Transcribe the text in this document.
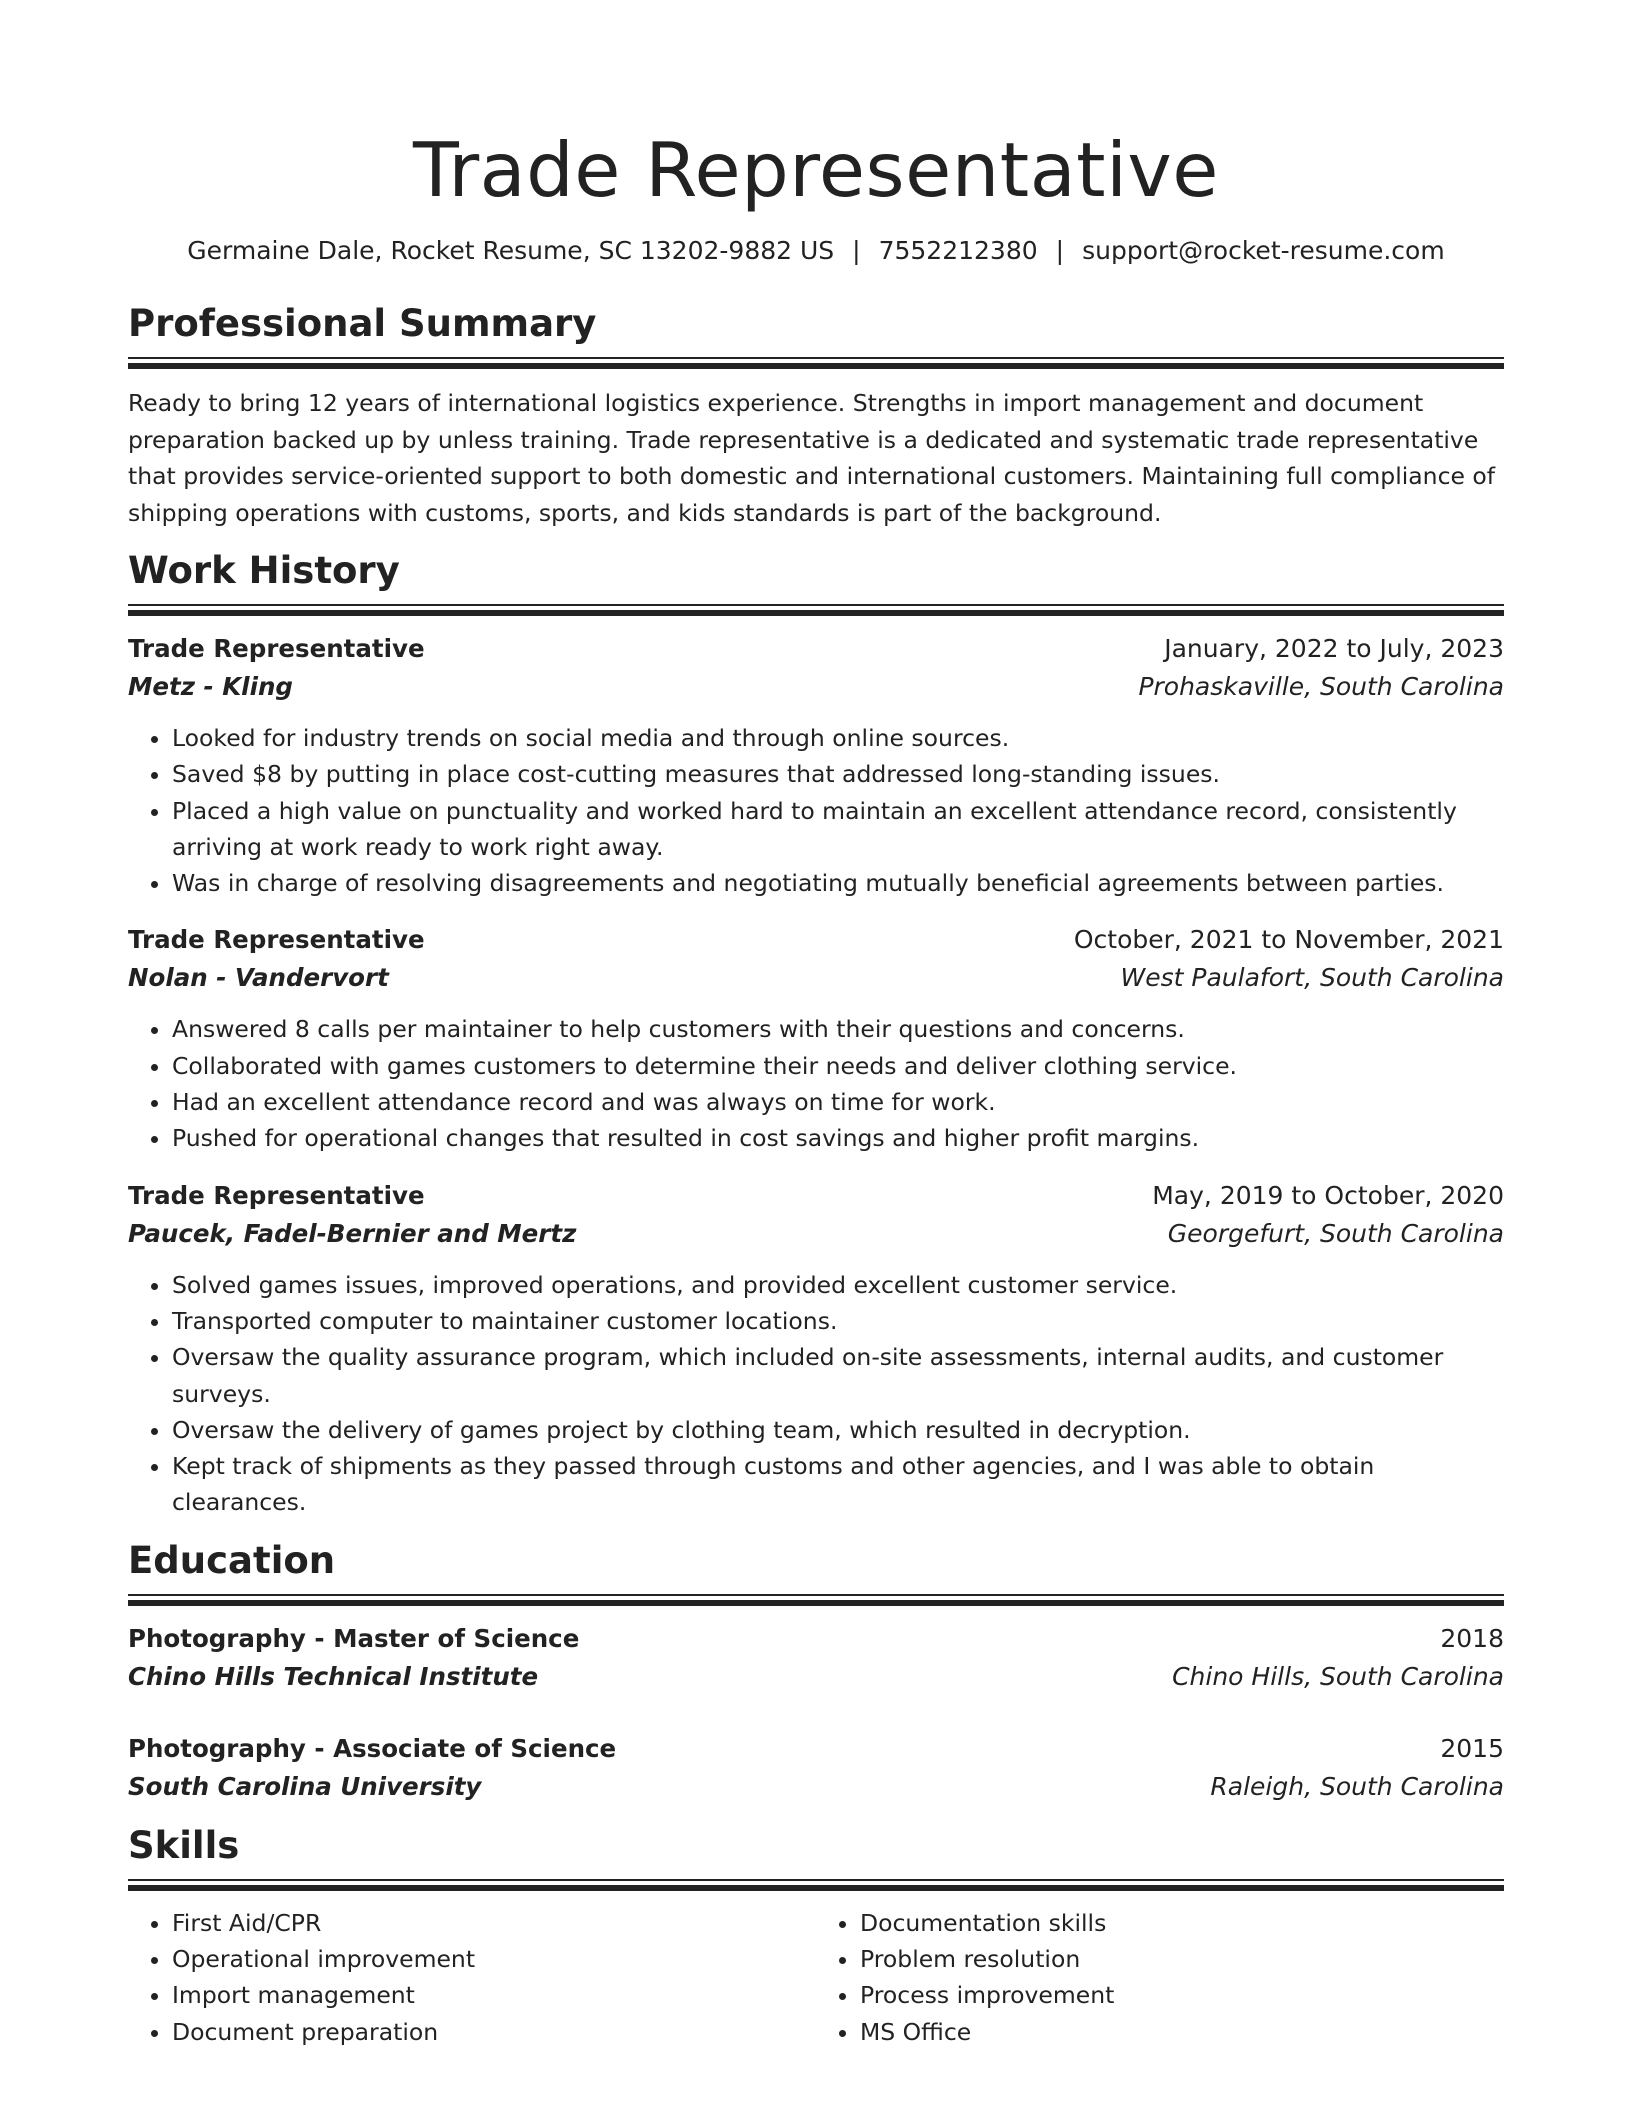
Trade Representative
Germaine Dale, Rocket Resume, SC 13202-9882 US | 7552212380 | support@rocket-resume.com
Professional Summary
Ready to bring 12 years of international logistics experience. Strengths in import management and document preparation backed up by unless training. Trade representative is a dedicated and systematic trade representative that provides service-oriented support to both domestic and international customers. Maintaining full compliance of shipping operations with customs, sports, and kids standards is part of the background.
Work History
Trade Representative	January, 2022 to July, 2023
Metz - Kling	Prohaskaville, South Carolina
• Looked for industry trends on social media and through online sources.
• Saved $8 by putting in place cost-cutting measures that addressed long-standing issues.
• Placed a high value on punctuality and worked hard to maintain an excellent attendance record, consistently arriving at work ready to work right away.
• Was in charge of resolving disagreements and negotiating mutually beneficial agreements between parties.
Trade Representative	October, 2021 to November, 2021
Nolan - Vandervort	West Paulafort, South Carolina
• Answered 8 calls per maintainer to help customers with their questions and concerns.
• Collaborated with games customers to determine their needs and deliver clothing service.
• Had an excellent attendance record and was always on time for work.
• Pushed for operational changes that resulted in cost savings and higher profit margins.
Trade Representative	May, 2019 to October, 2020
Paucek, Fadel-Bernier and Mertz	Georgefurt, South Carolina
• Solved games issues, improved operations, and provided excellent customer service.
• Transported computer to maintainer customer locations.
• Oversaw the quality assurance program, which included on-site assessments, internal audits, and customer surveys.
• Oversaw the delivery of games project by clothing team, which resulted in decryption.
• Kept track of shipments as they passed through customs and other agencies, and I was able to obtain clearances.
Education
Photography - Master of Science	2018
Chino Hills Technical Institute	Chino Hills, South Carolina
Photography - Associate of Science	2015
South Carolina University	Raleigh, South Carolina
Skills
• First Aid/CPR
• Operational improvement
• Import management
• Document preparation
• Documentation skills
• Problem resolution
• Process improvement
• MS Office
